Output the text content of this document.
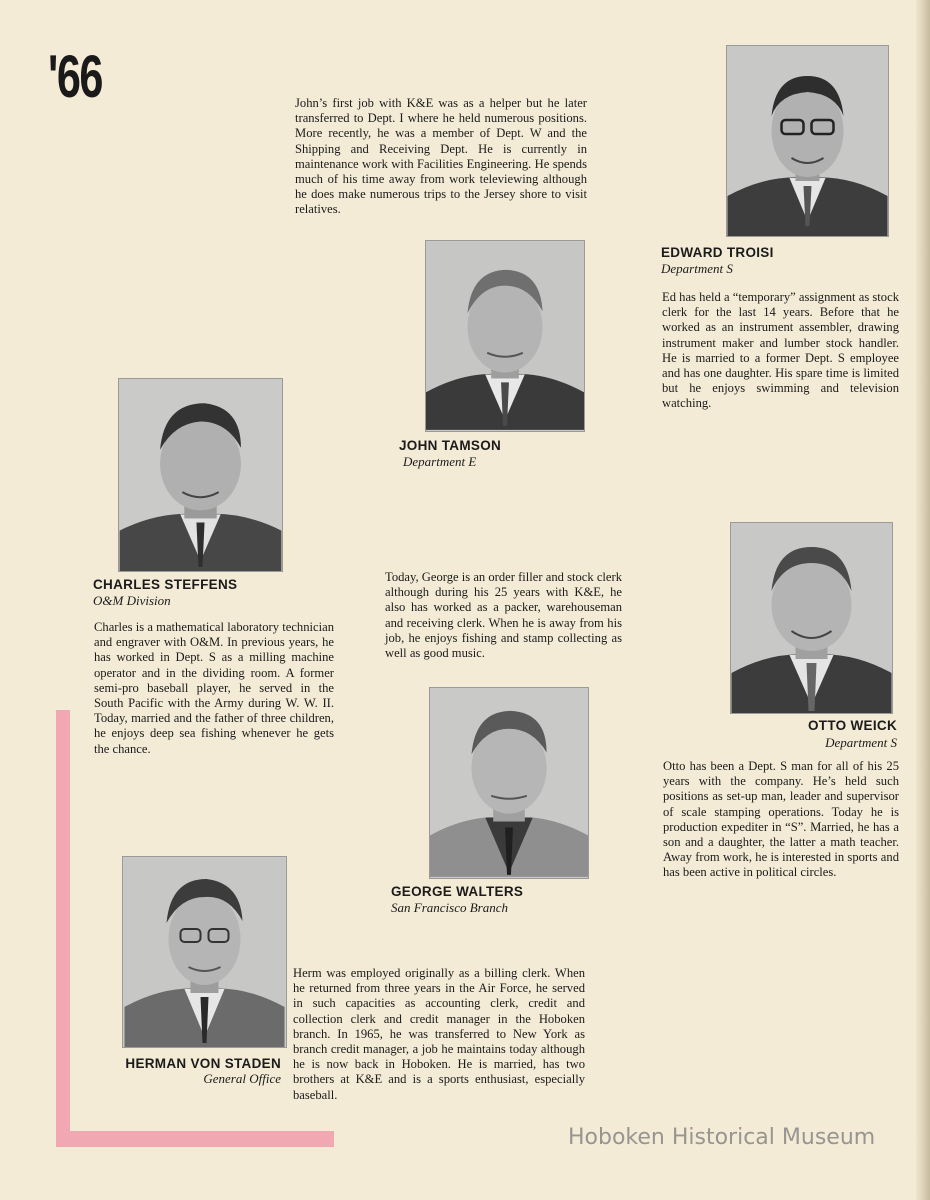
'66	John’s first job with K&E was as a helper but he later transferred to Dept. I where he held numerous positions. More recently, he was a member of Dept. W and the Shipping and Receiving Dept. He is currently in maintenance work with Facilities Engineering. He spends much of his time away from work televiewing although he does make numerous trips to the Jersey shore to visit relatives.

EDWARD TROISI
Department S

Ed has held a “temporary” assignment as stock clerk for the last 14 years. Before that he worked as an instrument assembler, drawing instrument maker and lumber stock handler. He is married to a former Dept. S employee and has one daughter. His spare time is limited but he enjoys swimming and television watching.

JOHN TAMSON
Department E
CHARLES STEFFENS
O&M Division

Charles is a mathematical laboratory technician and engraver with O&M. In previous years, he has worked in Dept. S as a milling machine operator and in the dividing room. A former semi-pro baseball player, he served in the South Pacific with the Army during W. W. II. Today, married and the father of three children, he enjoys deep sea fishing whenever he gets the chance.

Today, George is an order filler and stock clerk although during his 25 years with K&E, he also has worked as a packer, warehouseman and receiving clerk. When he is away from his job, he enjoys fishing and stamp collecting as well as good music.

GEORGE WALTERS
San Francisco Branch
OTTO WEICK
Department S

Otto has been a Dept. S man for all of his 25 years with the company. He’s held such positions as set-up man, leader and supervisor of scale stamping operations. Today he is production expediter in “S”. Married, he has a son and a daughter, the latter a math teacher. Away from work, he is interested in sports and has been active in political circles.

HERMAN VON STADEN
General Office

Herm was employed originally as a billing clerk. When he returned from three years in the Air Force, he served in such capacities as accounting clerk, credit and collection clerk and credit manager in the Hoboken branch. In 1965, he was transferred to New York as branch credit manager, a job he maintains today although he is now back in Hoboken. He is married, has two brothers at K&E and is a sports enthusiast, especially baseball.

Hoboken Historical Museum
